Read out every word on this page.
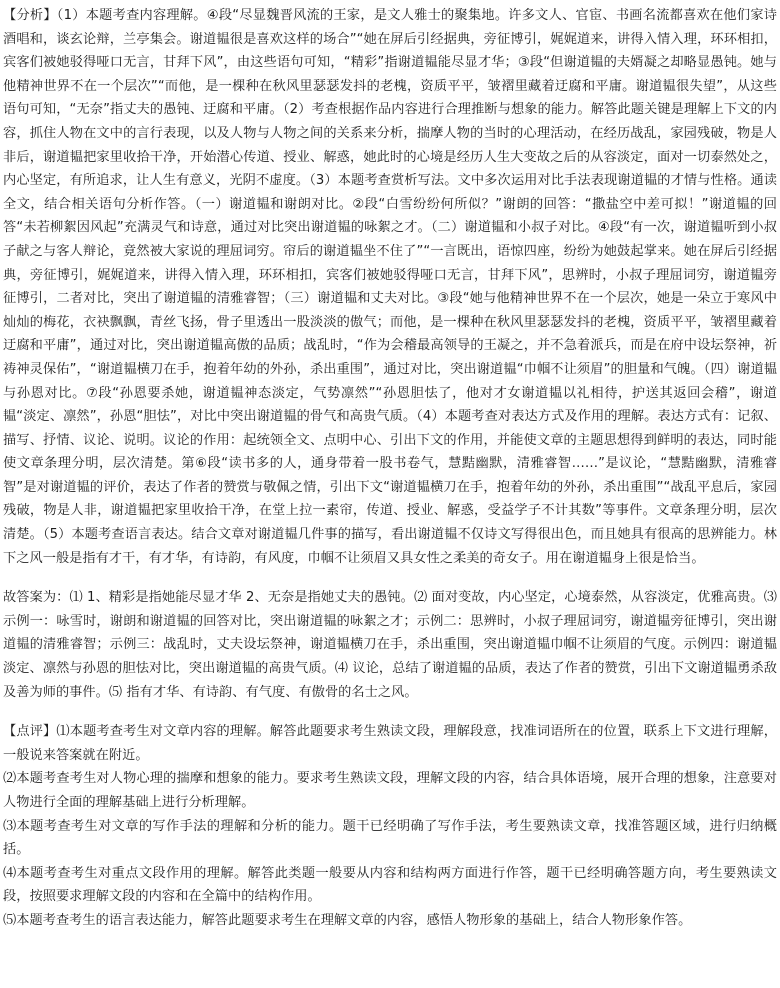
【分析】（1）本题考查内容理解。④段“尽显魏晋风流的王家，是文人雅士的聚集地。许多文人、官宦、书画名流都喜欢在他们家诗酒唱和，谈玄论辩，兰亭集会。谢道韫很是喜欢这样的场合”“她在屏后引经据典，旁征博引，娓娓道来，讲得入情入理，环环相扣，宾客们被她驳得哑口无言，甘拜下风”，由这些语句可知，“精彩”指谢道韫能尽显才华；③段“但谢道韫的夫婿凝之却略显愚钝。她与他精神世界不在一个层次”“而他，是一棵种在秋风里瑟瑟发抖的老槐，资质平平，皱褶里藏着迂腐和平庸。谢道韫很失望”，从这些语句可知，“无奈”指丈夫的愚钝、迂腐和平庸。（2）考查根据作品内容进行合理推断与想象的能力。解答此题关键是理解上下文的内容，抓住人物在文中的言行表现，以及人物与人物之间的关系来分析，揣摩人物的当时的心理活动，在经历战乱，家园残破，物是人非后，谢道韫把家里收拾干净，开始潜心传道、授业、解惑，她此时的心境是经历人生大变故之后的从容淡定，面对一切泰然处之，内心坚定，有所追求，让人生有意义，光阴不虚度。（3）本题考查赏析写法。文中多次运用对比手法表现谢道韫的才情与性格。通读全文，结合相关语句分析作答。（一）谢道韫和谢朗对比。②段“白雪纷纷何所似？”谢朗的回答：“撒盐空中差可拟！”谢道韫的回答“未若柳絮因风起”充满灵气和诗意，通过对比突出谢道韫的咏絮之才。（二）谢道韫和小叔子对比。④段“有一次，谢道韫听到小叔子献之与客人辩论，竟然被大家说的理屈词穷。帘后的谢道韫坐不住了”“一言既出，语惊四座，纷纷为她鼓起掌来。她在屏后引经据典，旁征博引，娓娓道来，讲得入情入理，环环相扣，宾客们被她驳得哑口无言，甘拜下风”，思辨时，小叔子理屈词穷，谢道韫旁征博引，二者对比，突出了谢道韫的清雅睿智；（三）谢道韫和丈夫对比。③段“她与他精神世界不在一个层次，她是一朵立于寒风中灿灿的梅花，衣袂飘飘，青丝飞扬，骨子里透出一股淡淡的傲气；而他，是一棵种在秋风里瑟瑟发抖的老槐，资质平平，皱褶里藏着迂腐和平庸”，通过对比，突出谢道韫高傲的品质；战乱时，“作为会稽最高领导的王凝之，并不急着派兵，而是在府中设坛祭神，祈祷神灵保佑”，“谢道韫横刀在手，抱着年幼的外孙，杀出重围”，通过对比，突出谢道韫“巾帼不让须眉”的胆量和气魄。（四）谢道韫与孙恩对比。⑦段“孙恩要杀她，谢道韫神态淡定，气势凛然”“孙恩胆怯了，他对才女谢道韫以礼相待，护送其返回会稽”，谢道韫“淡定、凛然”，孙恩“胆怯”，对比中突出谢道韫的骨气和高贵气质。（4）本题考查对表达方式及作用的理解。表达方式有：记叙、描写、抒情、议论、说明。议论的作用：起统领全文、点明中心、引出下文的作用，并能使文章的主题思想得到鲜明的表达，同时能使文章条理分明，层次清楚。第⑥段“读书多的人，通身带着一股书卷气，慧黠幽默，清雅睿智……”是议论，“慧黠幽默，清雅睿智”是对谢道韫的评价，表达了作者的赞赏与敬佩之情，引出下文“谢道韫横刀在手，抱着年幼的外孙，杀出重围”“战乱平息后，家园残破，物是人非，谢道韫把家里收拾干净，在堂上拉一素帘，传道、授业、解惑，受益学子不计其数”等事件。文章条理分明，层次清楚。（5）本题考查语言表达。结合文章对谢道韫几件事的描写，看出谢道韫不仅诗文写得很出色，而且她具有很高的思辨能力。林下之风一般是指有才干，有才华，有诗韵，有风度，巾帼不让须眉又具女性之柔美的奇女子。用在谢道韫身上很是恰当。

故答案为：⑴ 1、精彩是指她能尽显才华 2、无奈是指她丈夫的愚钝。⑵ 面对变故，内心坚定，心境泰然，从容淡定，优雅高贵。⑶ 示例一：咏雪时，谢朗和谢道韫的回答对比，突出谢道韫的咏絮之才；示例二：思辨时，小叔子理屈词穷，谢道韫旁征博引，突出谢道韫的清雅睿智；示例三：战乱时，丈夫设坛祭神，谢道韫横刀在手，杀出重围，突出谢道韫巾帼不让须眉的气度。示例四：谢道韫淡定、凛然与孙恩的胆怯对比，突出谢道韫的高贵气质。⑷ 议论，总结了谢道韫的品质，表达了作者的赞赏，引出下文谢道韫勇杀敌及善为师的事件。⑸ 指有才华、有诗韵、有气度、有傲骨的名士之风。

【点评】⑴本题考查考生对文章内容的理解。解答此题要求考生熟读文段，理解段意，找准词语所在的位置，联系上下文进行理解，一般说来答案就在附近。

⑵本题考查考生对人物心理的揣摩和想象的能力。要求考生熟读文段，理解文段的内容，结合具体语境，展开合理的想象，注意要对人物进行全面的理解基础上进行分析理解。

⑶本题考查考生对文章的写作手法的理解和分析的能力。题干已经明确了写作手法，考生要熟读文章，找准答题区域，进行归纳概括。

⑷本题考查考生对重点文段作用的理解。解答此类题一般要从内容和结构两方面进行作答，题干已经明确答题方向，考生要熟读文段，按照要求理解文段的内容和在全篇中的结构作用。

⑸本题考查考生的语言表达能力，解答此题要求考生在理解文章的内容，感悟人物形象的基础上，结合人物形象作答。
